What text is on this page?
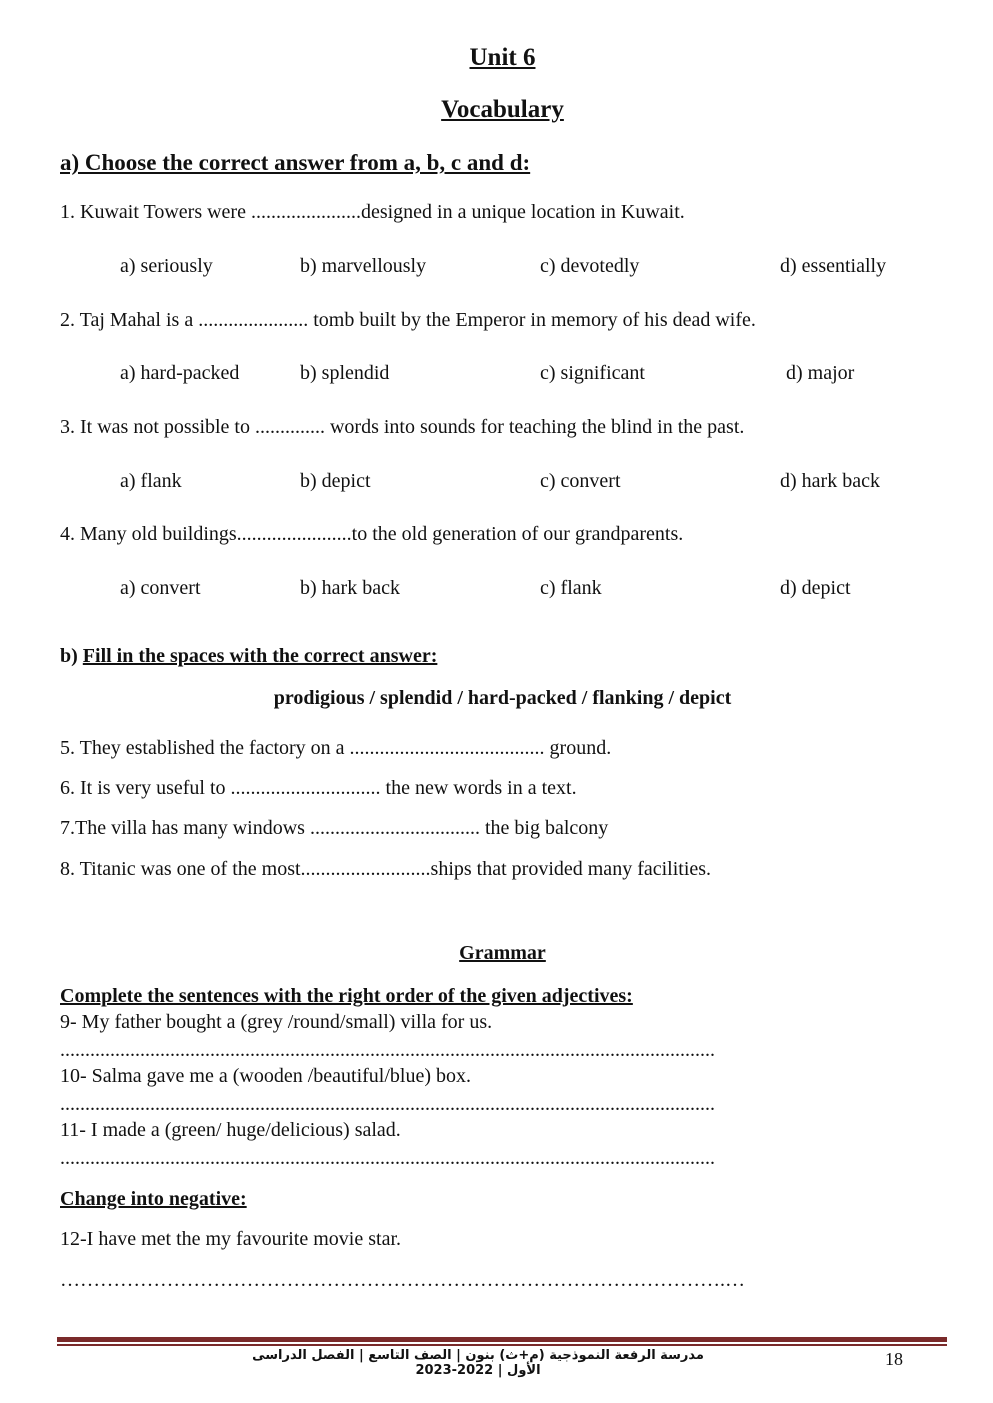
Unit 6
Vocabulary
a) Choose the correct answer from a, b, c and d:
1. Kuwait Towers were ......................designed in a unique location in Kuwait.
a) seriously	b) marvellously	c) devotedly	d) essentially
2. Taj Mahal is a ...................... tomb built by the Emperor in memory of his dead wife.
a) hard-packed	b) splendid	c) significant	d) major
3. It was not possible to .............. words into sounds for teaching the blind in the past.
a) flank	b) depict	c) convert	d) hark back
4. Many old buildings.......................to the old generation of our grandparents.
a) convert	b) hark back	c) flank	d) depict
b) Fill in the spaces with the correct answer:
prodigious / splendid / hard-packed / flanking / depict
5. They established the factory on a ....................................... ground.
6. It is very useful to .............................. the new words in a text.
7.The villa has many windows .................................. the big balcony
8. Titanic was one of the most..........................ships that provided many facilities.
Grammar
Complete the sentences with the right order of the given adjectives:
9- My father bought a (grey /round/small) villa for us.
...................................................................................................................................
10- Salma gave me a (wooden /beautiful/blue) box.
...................................................................................................................................
11- I made a (green/ huge/delicious) salad.
...................................................................................................................................
Change into negative:
12-I have met the my favourite movie star.
……………………………………………………………………………………….…
مدرسة الرفعة النموذجية (م+ث) بنون | الصف التاسع | الفصل الدراسى الأول | 2022-2023
18
